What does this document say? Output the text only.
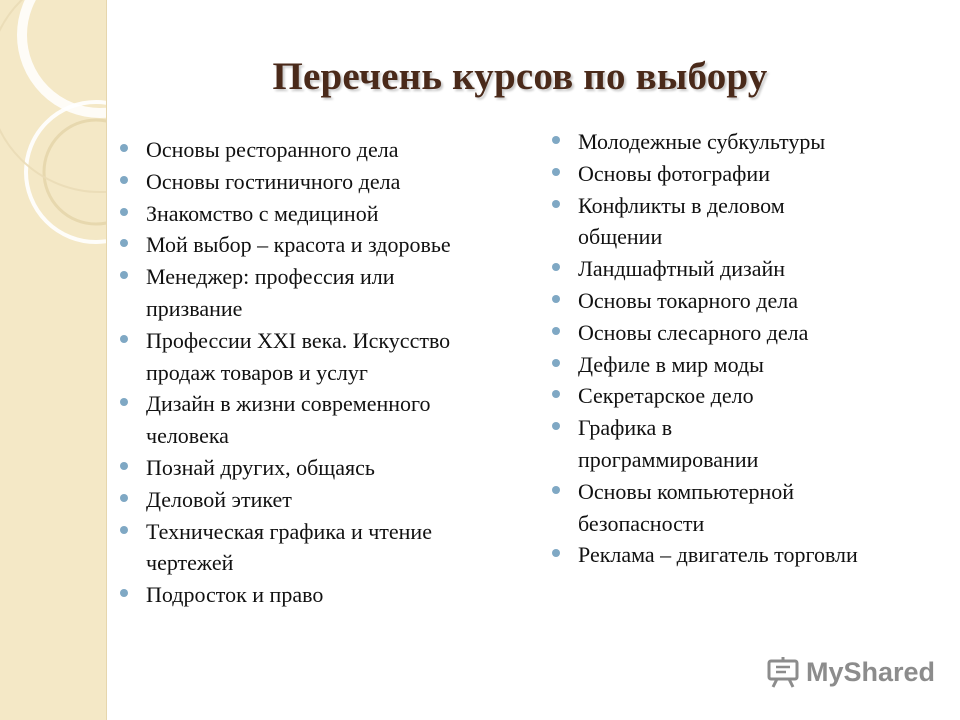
Перечень курсов по выбору
Основы ресторанного дела
Основы гостиничного дела
Знакомство с медициной
Мой выбор – красота и здоровье
Менеджер: профессия или
призвание
Профессии XXI века. Искусство
продаж товаров и услуг
Дизайн в жизни современного
человека
Познай других, общаясь
Деловой этикет
Техническая графика и чтение
чертежей
Подросток и право
Молодежные субкультуры
Основы фотографии
Конфликты в деловом
общении
Ландшафтный дизайн
Основы токарного дела
Основы слесарного дела
Дефиле в мир моды
Секретарское дело
Графика в
программировании
Основы компьютерной
безопасности
Реклама – двигатель торговли
MyShared
